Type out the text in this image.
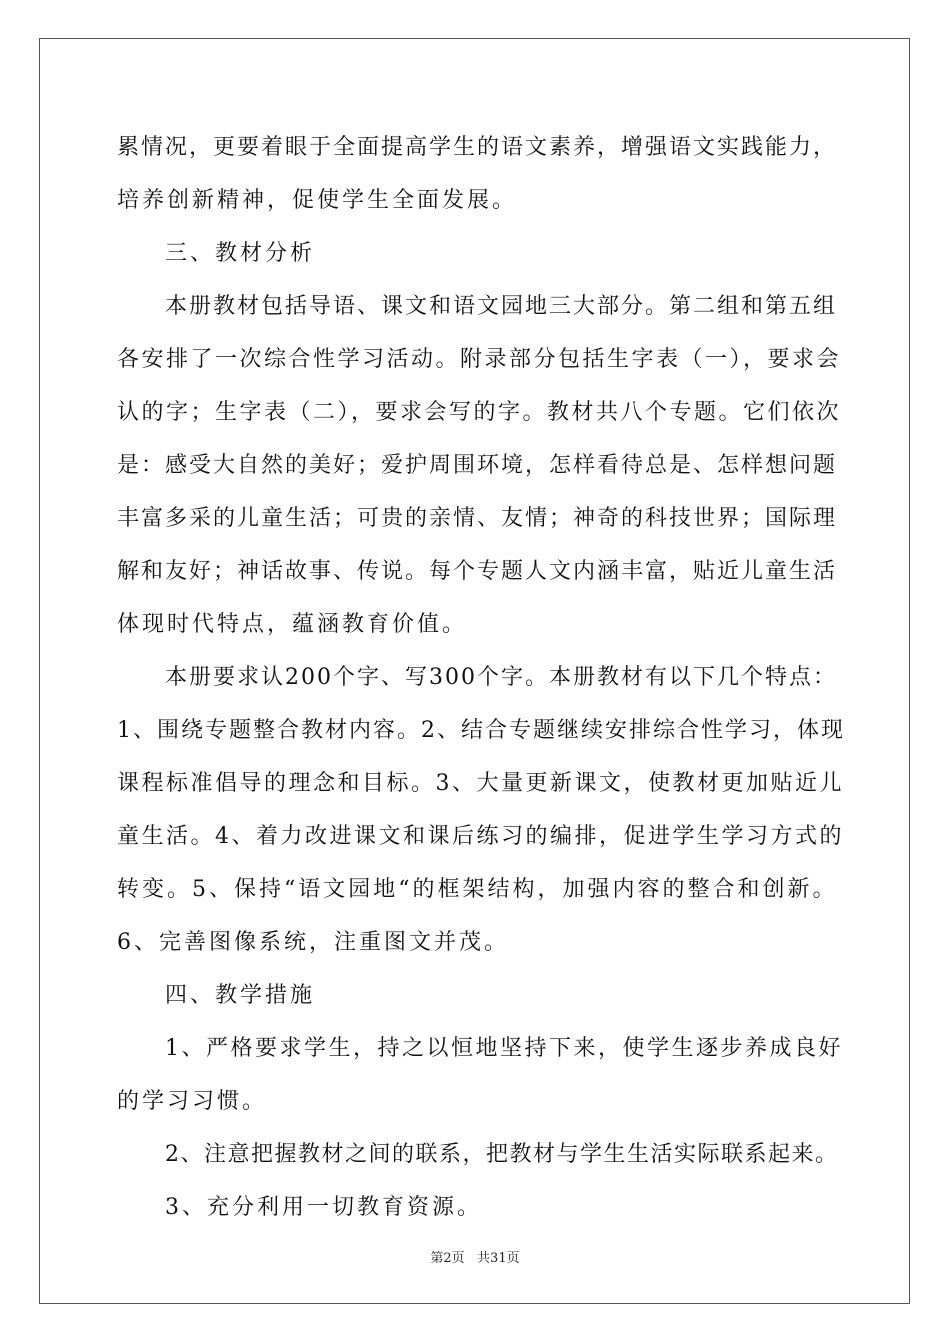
累情况，更要着眼于全面提高学生的语文素养，增强语文实践能力，
培养创新精神，促使学生全面发展。
三、教材分析
本册教材包括导语、课文和语文园地三大部分。第二组和第五组
各安排了一次综合性学习活动。附录部分包括生字表（一），要求会
认的字；生字表（二），要求会写的字。教材共八个专题。它们依次
是：感受大自然的美好；爱护周围环境，怎样看待总是、怎样想问题
丰富多采的儿童生活；可贵的亲情、友情；神奇的科技世界；国际理
解和友好；神话故事、传说。每个专题人文内涵丰富，贴近儿童生活
体现时代特点，蕴涵教育价值。
本册要求认200个字、写300个字。本册教材有以下几个特点：
1、围绕专题整合教材内容。2、结合专题继续安排综合性学习，体现
课程标准倡导的理念和目标。3、大量更新课文，使教材更加贴近儿
童生活。4、着力改进课文和课后练习的编排，促进学生学习方式的
转变。5、保持“语文园地“的框架结构，加强内容的整合和创新。
6、完善图像系统，注重图文并茂。
四、教学措施
1、严格要求学生，持之以恒地坚持下来，使学生逐步养成良好
的学习习惯。
2、注意把握教材之间的联系，把教材与学生生活实际联系起来。
3、充分利用一切教育资源。
第2页   共31页
